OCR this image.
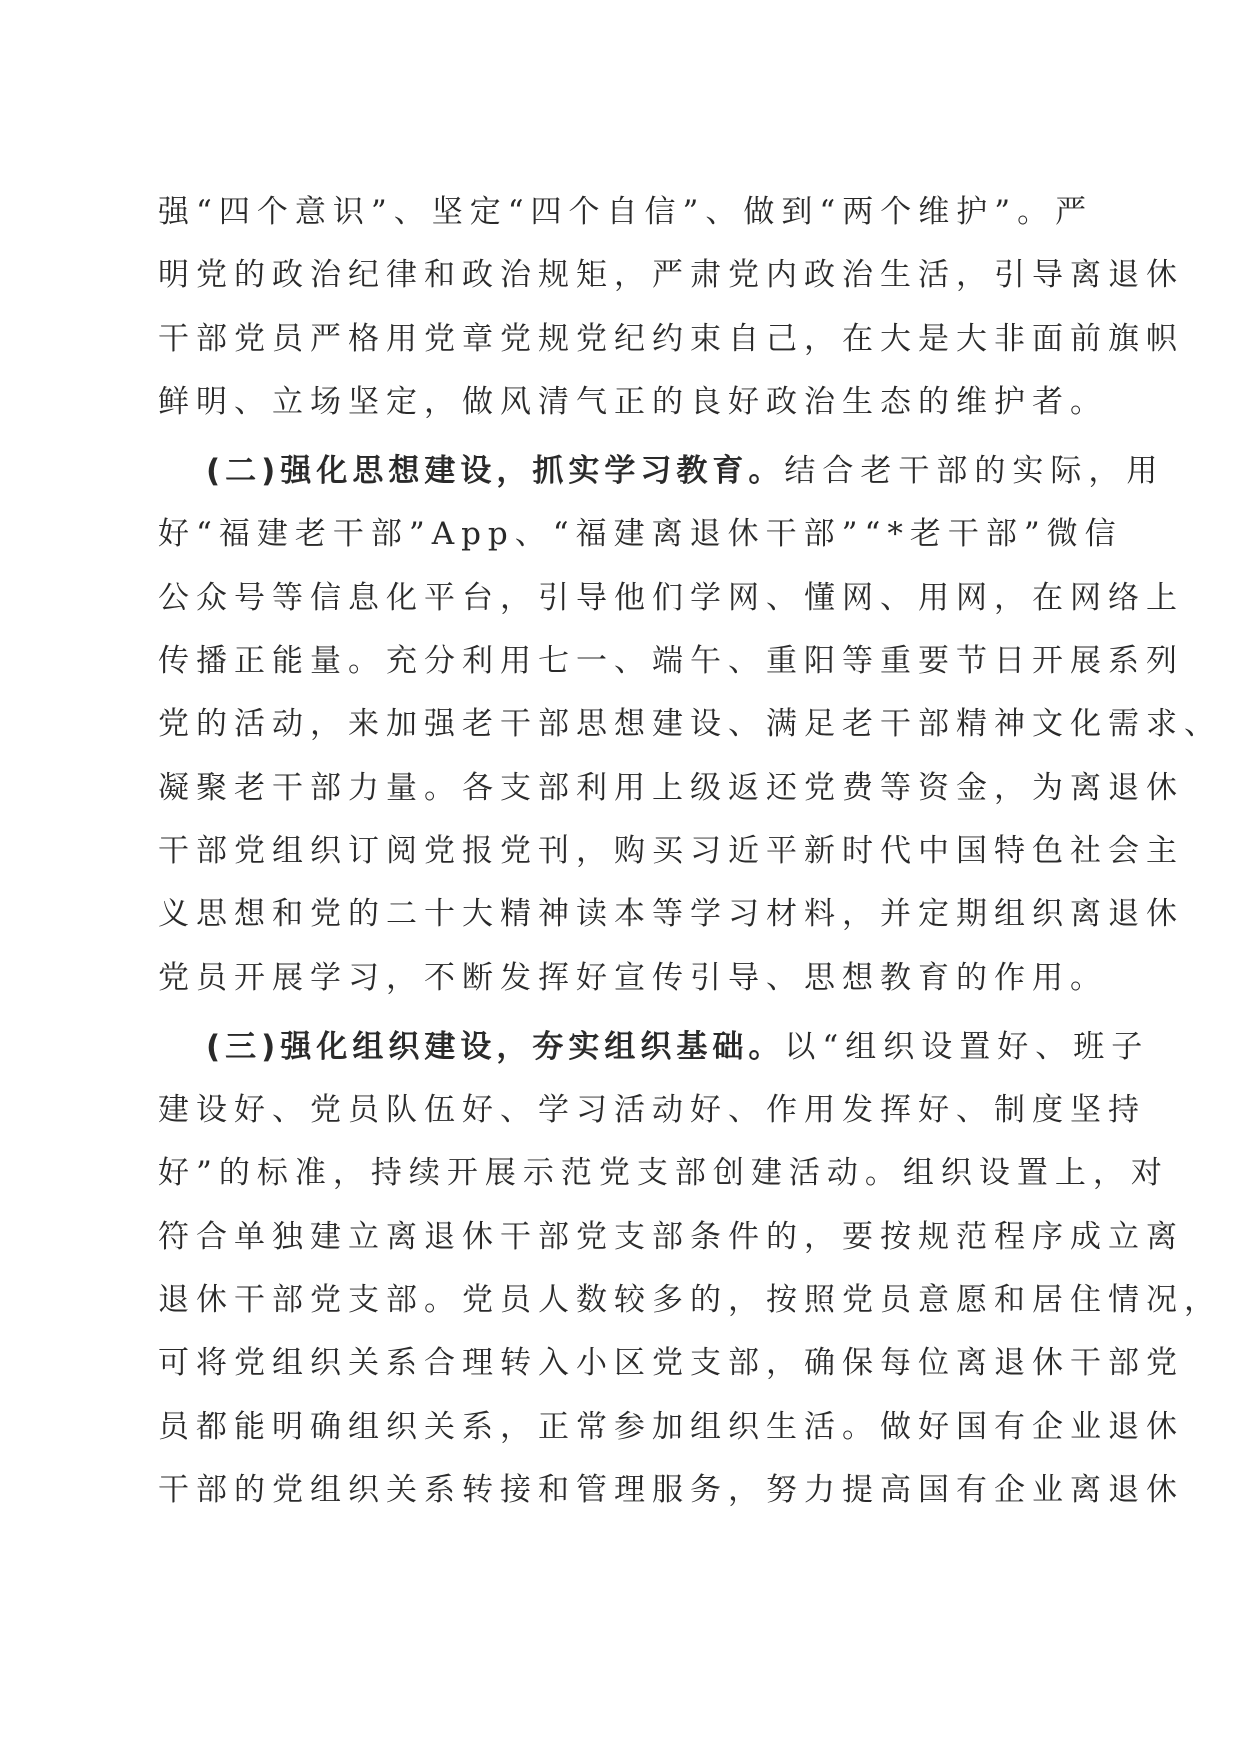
强“四个意识”、坚定“四个自信”、做到“两个维护”。严
明党的政治纪律和政治规矩，严肃党内政治生活，引导离退休
干部党员严格用党章党规党纪约束自己，在大是大非面前旗帜
鲜明、立场坚定，做风清气正的良好政治生态的维护者。
(二)强化思想建设，抓实学习教育。结合老干部的实际，用
好“福建老干部”App、“福建离退休干部”“*老干部”微信
公众号等信息化平台，引导他们学网、懂网、用网，在网络上
传播正能量。充分利用七一、端午、重阳等重要节日开展系列
党的活动，来加强老干部思想建设、满足老干部精神文化需求、
凝聚老干部力量。各支部利用上级返还党费等资金，为离退休
干部党组织订阅党报党刊，购买习近平新时代中国特色社会主
义思想和党的二十大精神读本等学习材料，并定期组织离退休
党员开展学习，不断发挥好宣传引导、思想教育的作用。
(三)强化组织建设，夯实组织基础。以“组织设置好、班子
建设好、党员队伍好、学习活动好、作用发挥好、制度坚持
好”的标准，持续开展示范党支部创建活动。组织设置上，对
符合单独建立离退休干部党支部条件的，要按规范程序成立离
退休干部党支部。党员人数较多的，按照党员意愿和居住情况，
可将党组织关系合理转入小区党支部，确保每位离退休干部党
员都能明确组织关系，正常参加组织生活。做好国有企业退休
干部的党组织关系转接和管理服务，努力提高国有企业离退休
